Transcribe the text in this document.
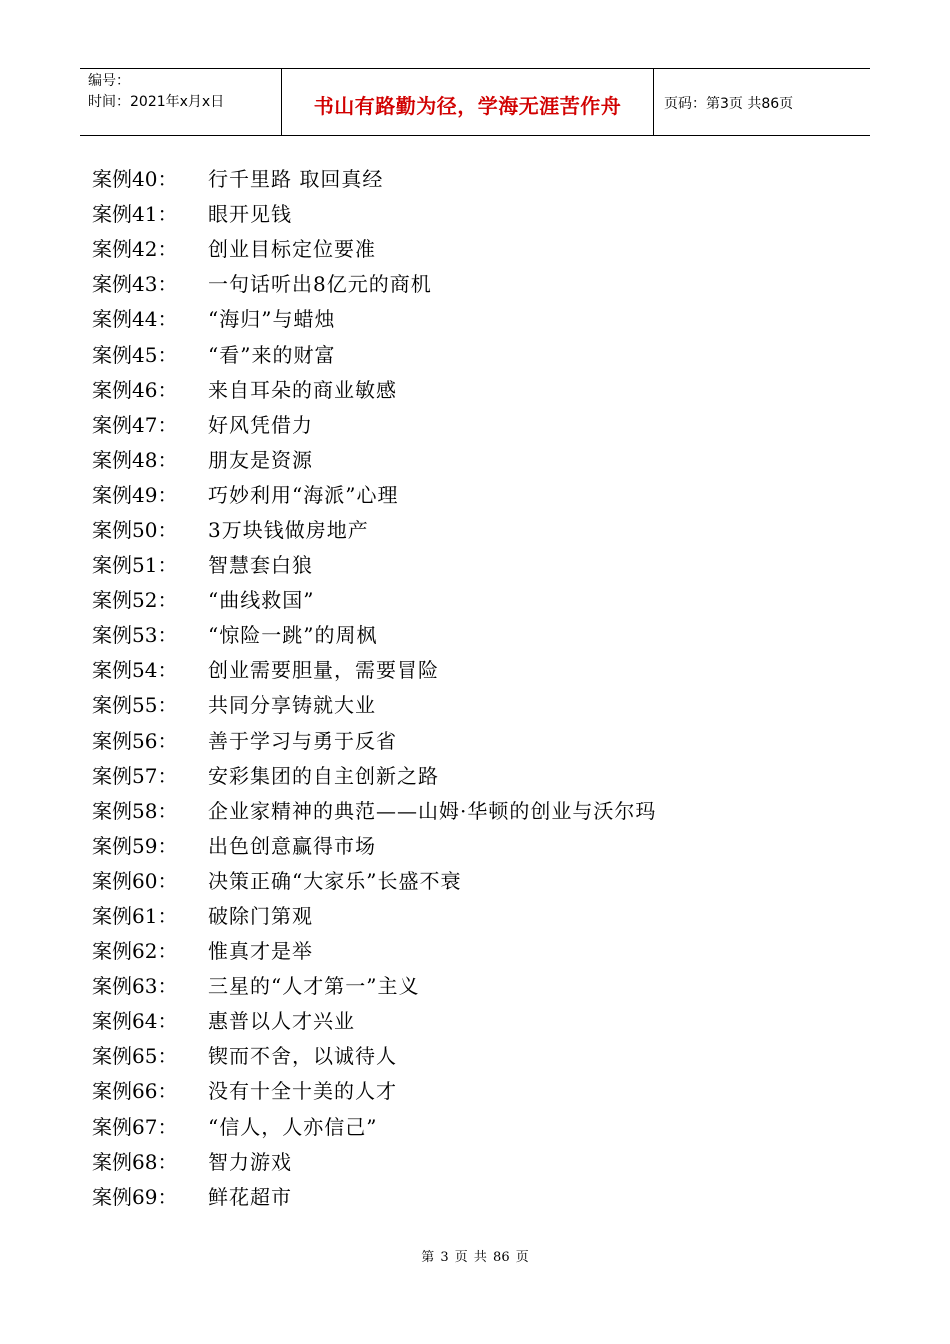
编号：
时间：2021年x月x日	书山有路勤为径，学海无涯苦作舟	页码：第3页 共86页
案例40：	行千里路 取回真经
案例41：	眼开见钱
案例42：	创业目标定位要准
案例43：	一句话听出8亿元的商机
案例44：	“海归”与蜡烛
案例45：	“看”来的财富
案例46：	来自耳朵的商业敏感
案例47：	好风凭借力
案例48：	朋友是资源
案例49：	巧妙利用“海派”心理
案例50：	3万块钱做房地产
案例51：	智慧套白狼
案例52：	“曲线救国”
案例53：	“惊险一跳”的周枫
案例54：	创业需要胆量，需要冒险
案例55：	共同分享铸就大业
案例56：	善于学习与勇于反省
案例57：	安彩集团的自主创新之路
案例58：	企业家精神的典范——山姆·华顿的创业与沃尔玛
案例59：	出色创意赢得市场
案例60：	决策正确“大家乐”长盛不衰
案例61：	破除门第观
案例62：	惟真才是举
案例63：	三星的“人才第一”主义
案例64：	惠普以人才兴业
案例65：	锲而不舍，以诚待人
案例66：	没有十全十美的人才
案例67：	“信人，人亦信己”
案例68：	智力游戏
案例69：	鲜花超市
第 3 页 共 86 页
